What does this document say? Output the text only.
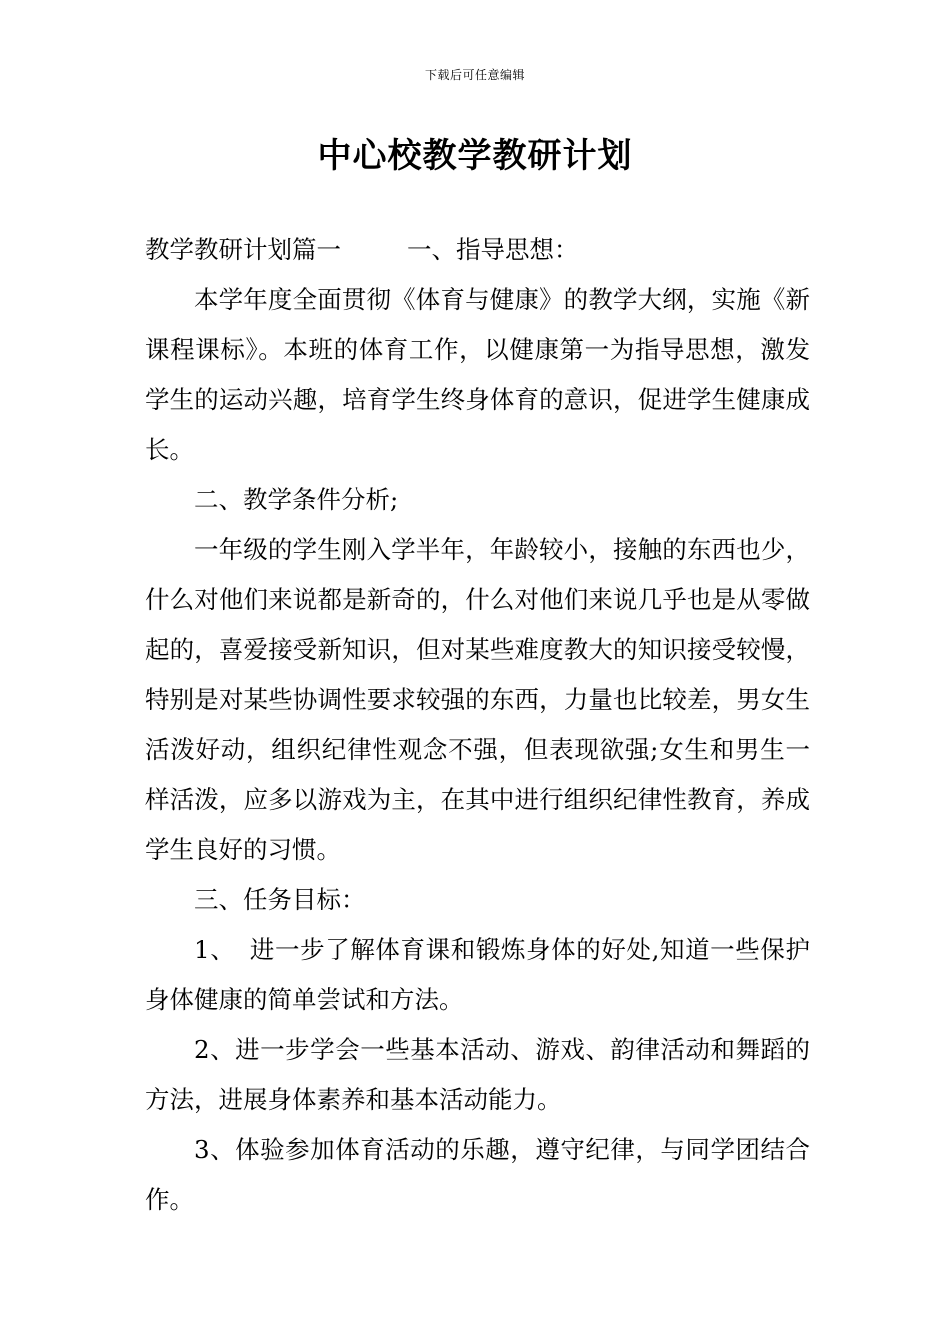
下载后可任意编辑
中心校教学教研计划

教学教研计划篇一	一、指导思想：

本学年度全面贯彻《体育与健康》的教学大纲，实施《新课程课标》。本班的体育工作，以健康第一为指导思想，激发学生的运动兴趣，培育学生终身体育的意识，促进学生健康成长。

二、教学条件分析;

一年级的学生刚入学半年，年龄较小，接触的东西也少，什么对他们来说都是新奇的，什么对他们来说几乎也是从零做起的，喜爱接受新知识，但对某些难度教大的知识接受较慢，特别是对某些协调性要求较强的东西，力量也比较差，男女生活泼好动，组织纪律性观念不强，但表现欲强;女生和男生一样活泼，应多以游戏为主，在其中进行组织纪律性教育，养成学生良好的习惯。

三、任务目标：

1、 进一步了解体育课和锻炼身体的好处,知道一些保护身体健康的简单尝试和方法。

2、进一步学会一些基本活动、游戏、韵律活动和舞蹈的方法，进展身体素养和基本活动能力。

3、体验参加体育活动的乐趣，遵守纪律，与同学团结合作。
